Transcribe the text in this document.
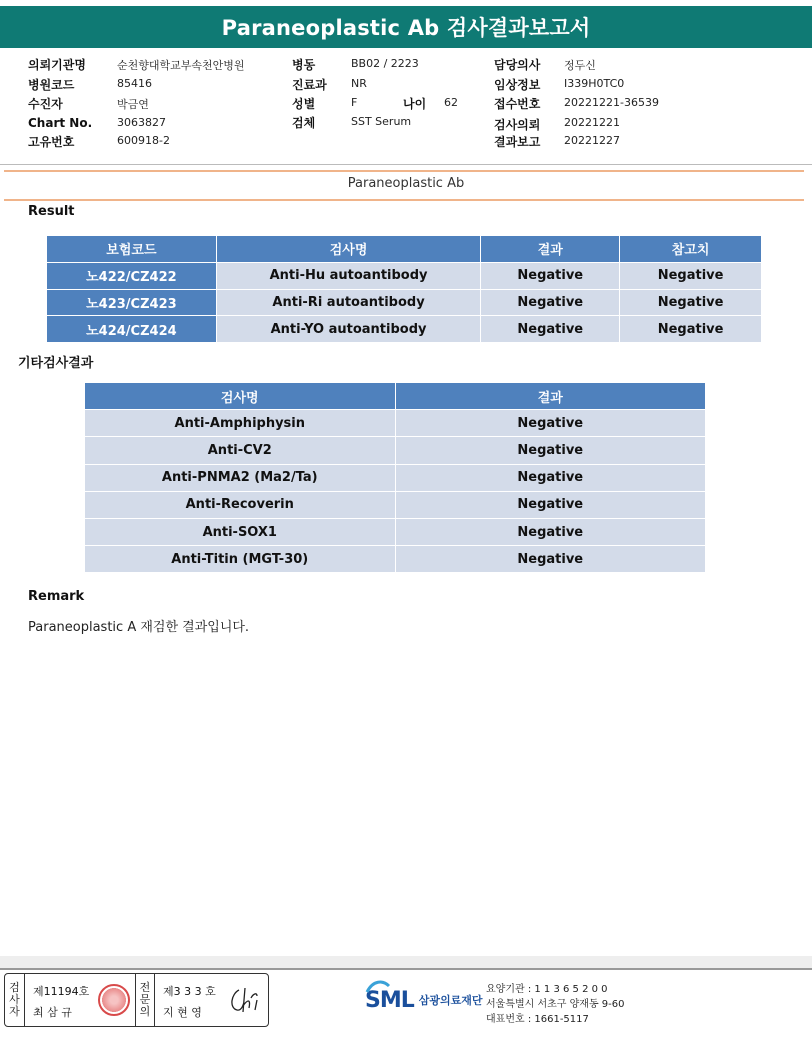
Paraneoplastic Ab 검사결과보고서
의뢰기관명	순천향대학교부속천안병원
병원코드	85416
수진자	박금연
Chart No. 3063827
고유번호	600918-2
병동	BB02 / 2223
진료과 NR
성별	F	나이 62
검체	SST Serum
담당의사 정두신
임상정보 I339H0TC0
접수번호 20221221-36539
검사의뢰 20221221
결과보고 20221227
Paraneoplastic Ab
Result
보험코드	검사명	결과	참고치
노422/CZ422	Anti-Hu autoantibody	Negative	Negative
노423/CZ423	Anti-Ri autoantibody	Negative	Negative
노424/CZ424	Anti-YO autoantibody	Negative	Negative
기타검사결과
검사명	결과
Anti-Amphiphysin	Negative
Anti-CV2	Negative
Anti-PNMA2 (Ma2/Ta)	Negative
Anti-Recoverin	Negative
Anti-SOX1	Negative
Anti-Titin (MGT-30)	Negative
Remark
Paraneoplastic A 재검한 결과입니다.
검
사
자
제11194호
최 삼 규
전
문
의
제3 3 3 호
지 현 영	SML 삼광의료재단
요양기관 : 1 1 3 6 5 2 0 0
서울특별시 서초구 양재동 9-60
대표번호 : 1661-5117
